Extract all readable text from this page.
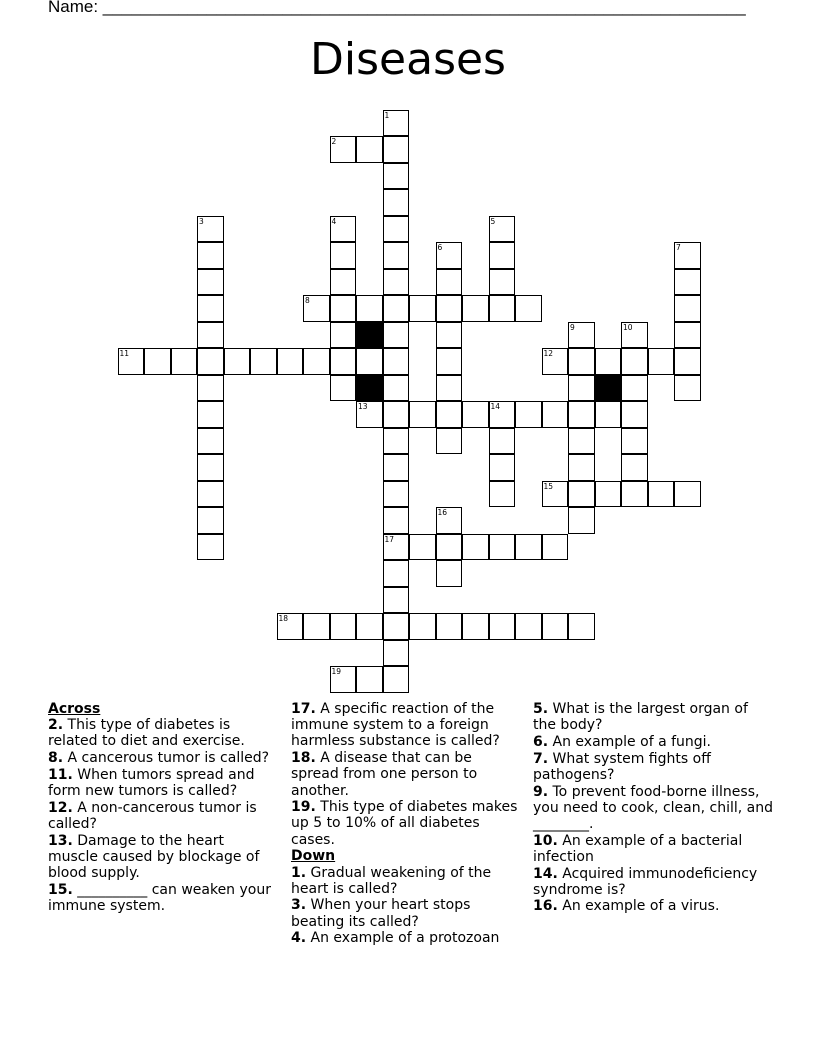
Name: ____________________________________________________________________
Diseases
1
17
2
3	4	5
6	7
8
9	10
11	12
13	14
15
16
18
19
Across
2. This type of diabetes is related to diet and exercise.
8. A cancerous tumor is called?
11. When tumors spread and form new tumors is called?
12. A non-cancerous tumor is called?
13. Damage to the heart muscle caused by blockage of blood supply.
15. __________ can weaken your immune system.
17. A specific reaction of the immune system to a foreign harmless substance is called?
18. A disease that can be spread from one person to another.
19. This type of diabetes makes up 5 to 10% of all diabetes cases.
Down
1. Gradual weakening of the heart is called?
3. When your heart stops beating its called?
4. An example of a protozoan
5. What is the largest organ of the body?
6. An example of a fungi.
7. What system fights off pathogens?
9. To prevent food-borne illness, you need to cook, clean, chill, and ________.
10. An example of a bacterial infection
14. Acquired immunodeficiency syndrome is?
16. An example of a virus.
